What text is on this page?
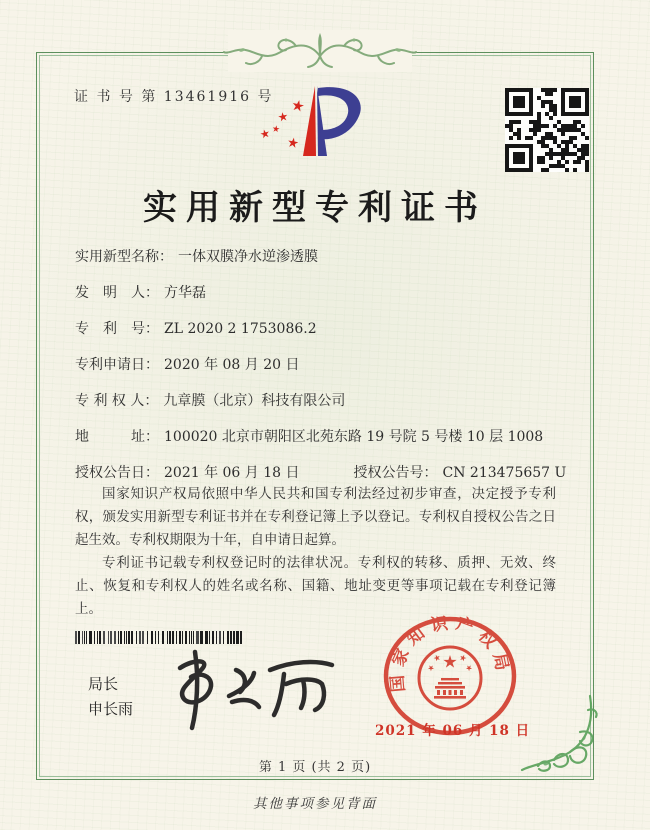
证 书 号 第 13461916 号
实用新型专利证书
实用新型名称： 一体双膜净水逆渗透膜
发　明　人： 方华磊
专　利　号： ZL 2020 2 1753086.2
专利申请日： 2020 年 08 月 20 日
专 利 权 人： 九章膜（北京）科技有限公司
地　　　址： 100020 北京市朝阳区北苑东路 19 号院 5 号楼 10 层 1008
授权公告日： 2021 年 06 月 18 日	授权公告号： CN 213475657 U

国家知识产权局依照中华人民共和国专利法经过初步审查，决定授予专利权，颁发实用新型专利证书并在专利登记簿上予以登记。专利权自授权公告之日起生效。专利权期限为十年，自申请日起算。

专利证书记载专利权登记时的法律状况。专利权的转移、质押、无效、终止、恢复和专利权人的姓名或名称、国籍、地址变更等事项记载在专利登记簿上。

局长
申长雨
国家知识产权局
2021 年 06 月 18 日
第 1 页 (共 2 页)
其他事项参见背面
